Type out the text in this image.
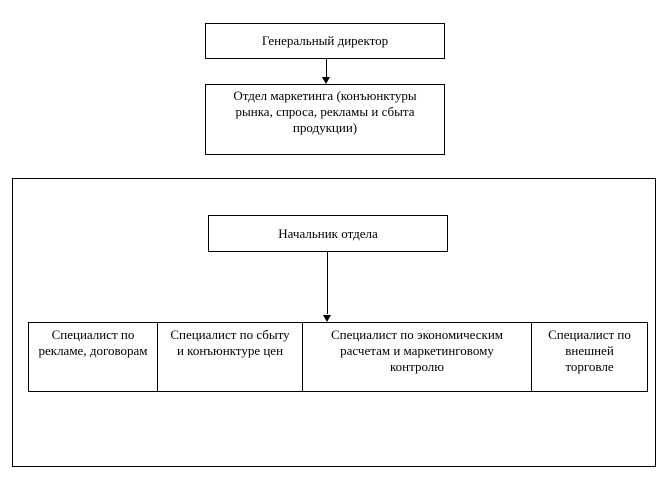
Генеральный директор
Отдел маркетинга (конъюнктуры
рынка, спроса, рекламы и сбыта
продукции)
Начальник отдела
Специалист по
рекламе, договорам
Специалист по сбыту
и конъюнктуре цен
Специалист по экономическим
расчетам и маркетинговому
контролю
Специалист по
внешней
торговле
